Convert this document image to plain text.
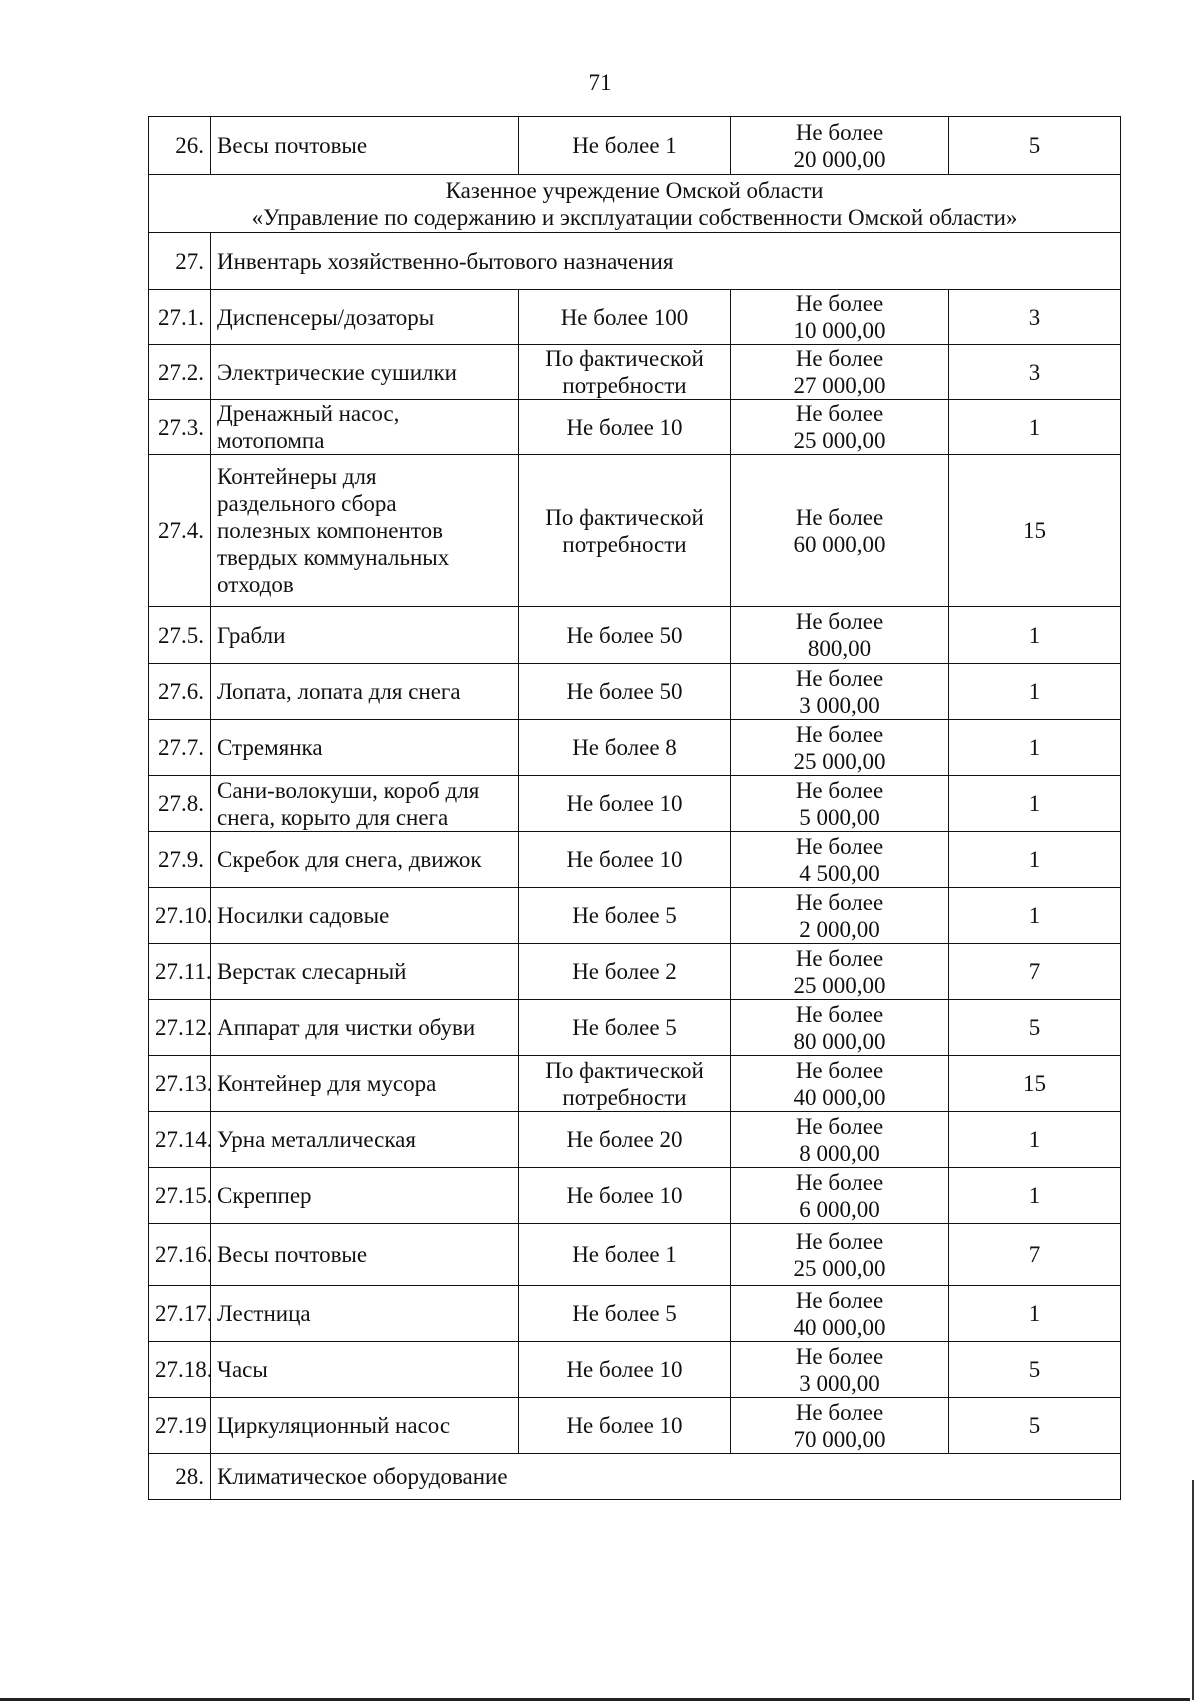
71
26.	Весы почтовые	Не более 1	Не более
20 000,00	5

Казенное учреждение Омской области
«Управление по содержанию и эксплуатации собственности Омской области»				

27.	Инвентарь хозяйственно-бытового назначения			
27.1.	Диспенсеры/дозаторы	Не более 100	Не более
10 000,00	3
27.2.	Электрические сушилки	По фактической
потребности	Не более
27 000,00	3
27.3.	Дренажный насос,
мотопомпа	Не более 10	Не более
25 000,00	1
27.4.	Контейнеры для
раздельного сбора
полезных компонентов
твердых коммунальных
отходов	По фактической
потребности	Не более
60 000,00	15
27.5.	Грабли	Не более 50	Не более
800,00	1
27.6.	Лопата, лопата для снега	Не более 50	Не более
3 000,00	1
27.7.	Стремянка	Не более 8	Не более
25 000,00	1
27.8.	Сани-волокуши, короб для
снега, корыто для снега	Не более 10	Не более
5 000,00	1
27.9.	Скребок для снега, движок	Не более 10	Не более
4 500,00	1
27.10.	Носилки садовые	Не более 5	Не более
2 000,00	1
27.11.	Верстак слесарный	Не более 2	Не более
25 000,00	7
27.12.	Аппарат для чистки обуви	Не более 5	Не более
80 000,00	5
27.13.	Контейнер для мусора	По фактической
потребности	Не более
40 000,00	15
27.14.	Урна металлическая	Не более 20	Не более
8 000,00	1
27.15.	Скреппер	Не более 10	Не более
6 000,00	1
27.16.	Весы почтовые	Не более 1	Не более
25 000,00	7
27.17.	Лестница	Не более 5	Не более
40 000,00	1
27.18.	Часы	Не более 10	Не более
3 000,00	5
27.19	Циркуляционный насос	Не более 10	Не более
70 000,00	5
28.	Климатическое оборудование			
